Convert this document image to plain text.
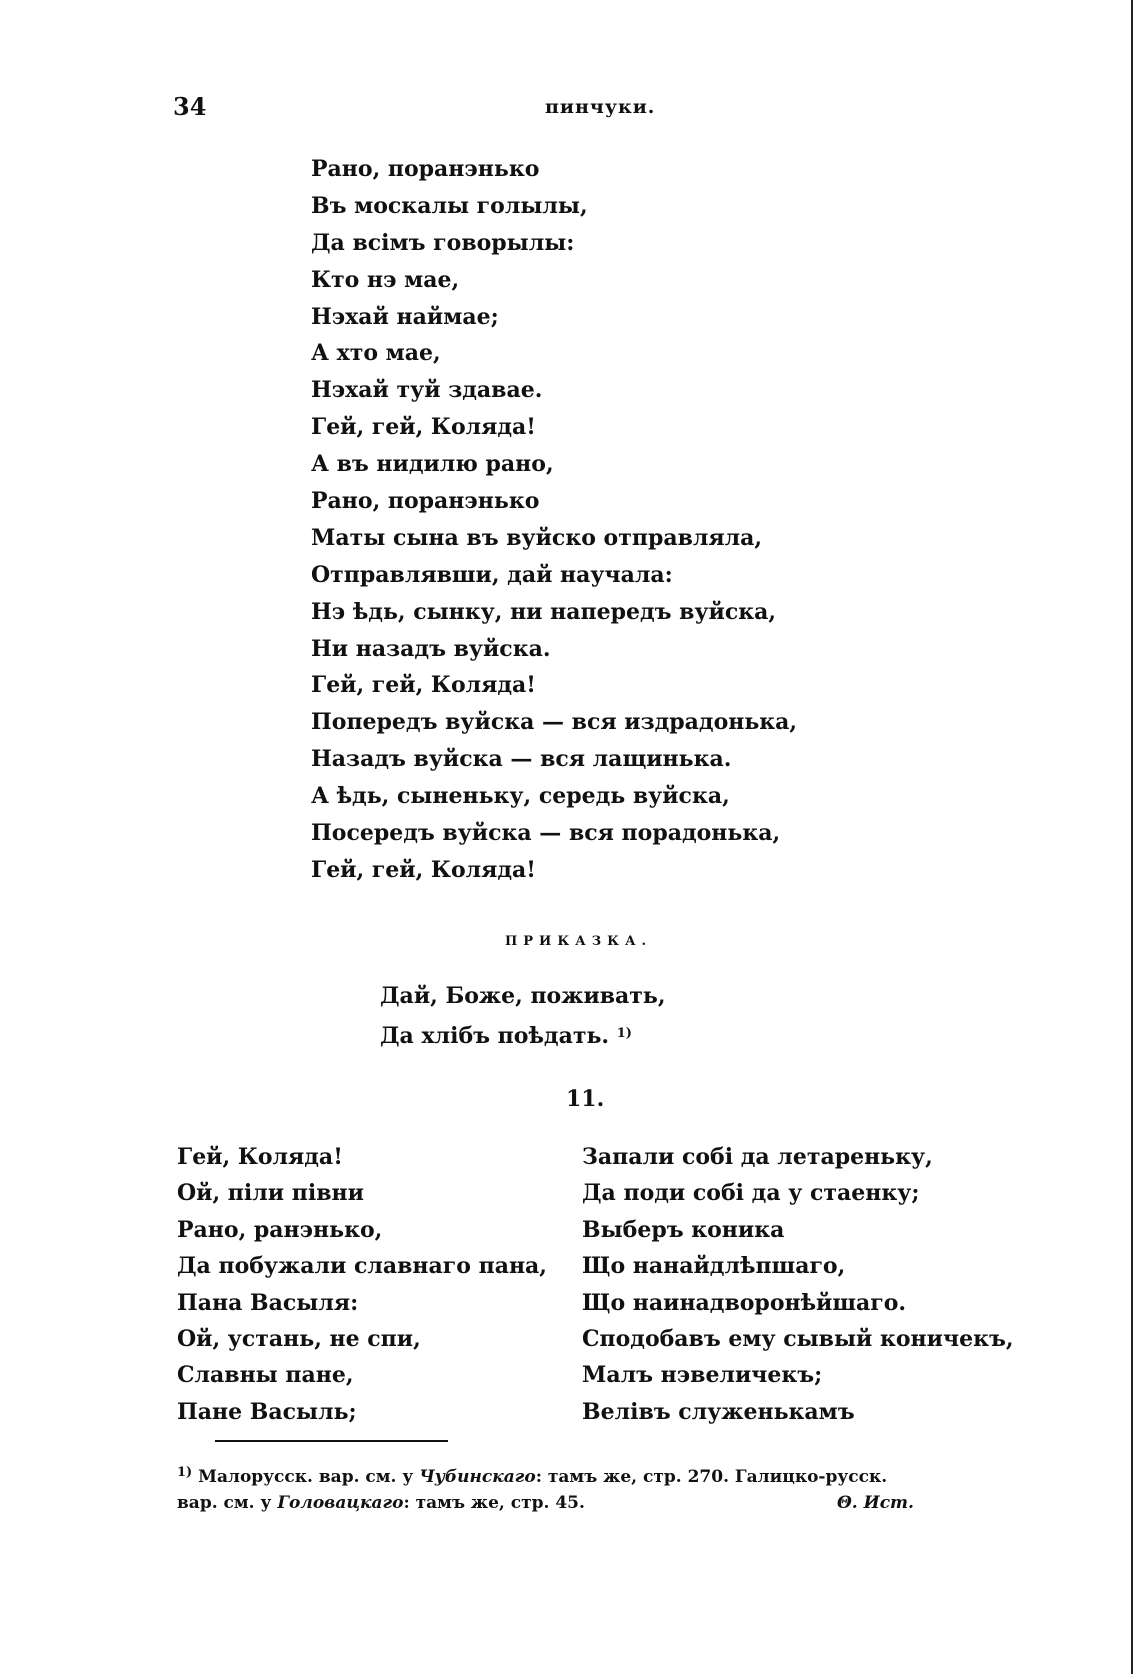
34	пинчуки.
Рано, поранэнько
Въ москалы голылы,
Да всімъ говорылы:
Кто нэ мае,
Нэхай наймае;
А хто мае,
Нэхай туй здавае.
Гей, гей, Коляда!
А въ нидилю рано,
Рано, поранэнько
Маты сына въ вуйско отправляла,
Отправлявши, дай научала:
Нэ ѣдь, сынку, ни напередъ вуйска,
Ни назадъ вуйска.
Гей, гей, Коляда!
Попередъ вуйска — вся издрадонька,
Назадъ вуйска — вся лащинька.
А ѣдь, сыненьку, середь вуйска,
Посередъ вуйска — вся порадонька,
Гей, гей, Коляда!
ПРИКАЗКА.
Дай, Боже, поживать,
Да хлібъ поѣдать. $^{1)}$
11.
Гей, Коляда!
Ой, піли півни
Рано, ранэнько,
Да побужали славнаго пана,
Пана Васыля:
Ой, устань, не спи,
Славны пане,
Пане Васыль;
Запали собі да летареньку,
Да поди собі да у стаенку;
Выберъ коника
Що нанайдлѣпшаго,
Що наинадворонѣйшаго.
Сподобавъ ему сывый коничекъ,
Малъ нэвеличекъ;
Велівъ служенькамъ
$^{1)}$ Малорусск. вар. см. у Чубинскаго: тамъ же, стр. 270. Галицко-русск.
вар. см. у Головацкаго: тамъ же, стр. 45.	Θ. Ист.
